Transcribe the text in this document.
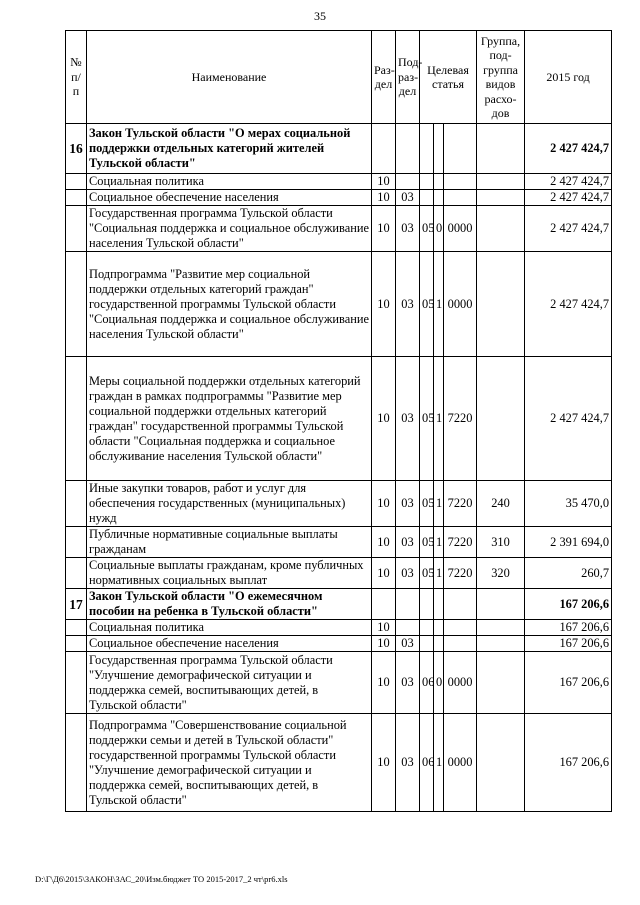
35
№ п/п	Наименование	Раз- дел	Под- раз- дел	Целевая статья			Группа, под- группа видов расхо- дов	2015 год
16	Закон Тульской области "О мерах социальной поддержки отдельных категорий жителей Тульской области"							2 427 424,7
	Социальная политика	10						2 427 424,7
	Социальное обеспечение населения	10	03					2 427 424,7
	Государственная программа Тульской области "Социальная поддержка и социальное обслуживание населения Тульской области"	10	03	05	0	0000		2 427 424,7
	Подпрограмма "Развитие мер социальной поддержки отдельных категорий граждан" государственной программы Тульской области "Социальная поддержка и социальное обслуживание населения Тульской области"	10	03	05	1	0000		2 427 424,7
	Меры социальной поддержки отдельных категорий граждан в рамках подпрограммы "Развитие мер социальной поддержки отдельных категорий граждан" государственной программы Тульской области "Социальная поддержка и социальное обслуживание населения Тульской области"	10	03	05	1	7220		2 427 424,7
	Иные закупки товаров, работ и услуг для обеспечения государственных (муниципальных) нужд	10	03	05	1	7220	240	35 470,0
	Публичные нормативные социальные выплаты гражданам	10	03	05	1	7220	310	2 391 694,0
	Социальные выплаты гражданам, кроме публичных нормативных социальных выплат	10	03	05	1	7220	320	260,7
17	Закон Тульской области "О ежемесячном пособии на ребенка в Тульской области"							167 206,6
	Социальная политика	10						167 206,6
	Социальное обеспечение населения	10	03					167 206,6
	Государственная программа Тульской области "Улучшение демографической ситуации и поддержка семей, воспитывающих детей, в Тульской области"	10	03	06	0	0000		167 206,6
	Подпрограмма "Совершенствование социальной поддержки семьи и детей в Тульской области" государственной программы Тульской области "Улучшение демографической ситуации и поддержка семей, воспитывающих детей, в Тульской области"	10	03	06	1	0000		167 206,6
D:\Г\Д6\2015\ЗАКОН\ЗАС_20\Изм.бюджет ТО 2015-2017_2 чт\pr6.xls
